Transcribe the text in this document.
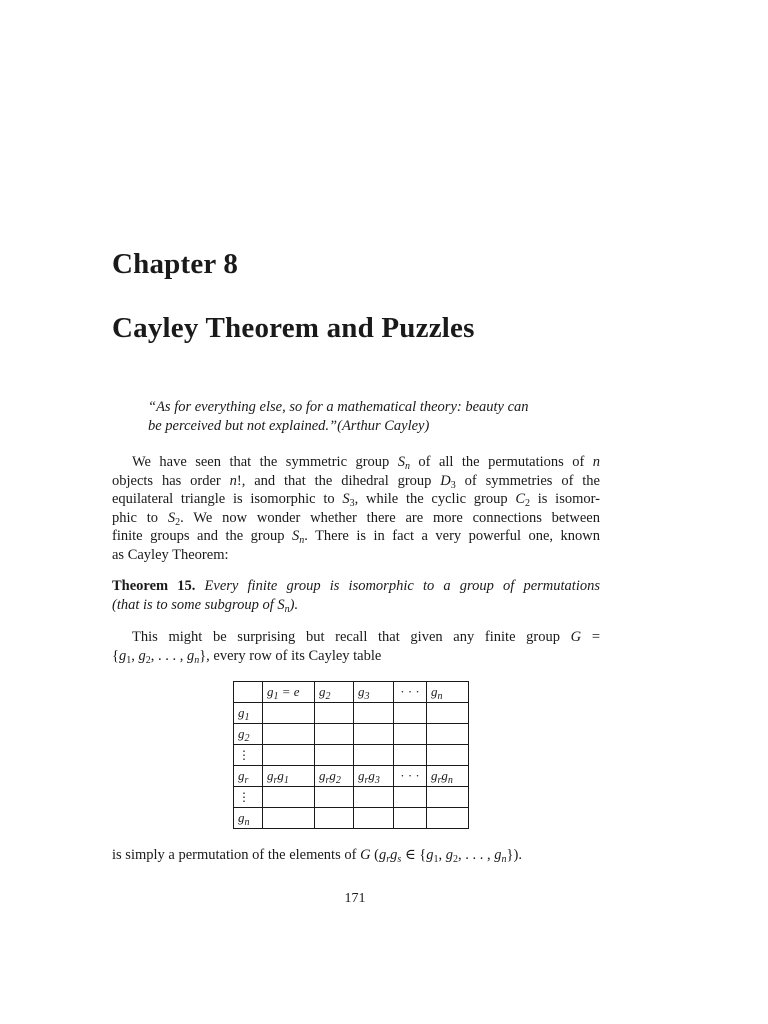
Chapter 8
Cayley Theorem and Puzzles
“As for everything else, so for a mathematical theory: beauty can
be perceived but not explained.”(Arthur Cayley)
We have seen that the symmetric group $S_n$ of all the permutations of n
objects has order n!, and that the dihedral group $D_3$ of symmetries of the
equilateral triangle is isomorphic to $S_3$, while the cyclic group $C_2$ is isomor-
phic to $S_2$. We now wonder whether there are more connections between
finite groups and the group $S_n$. There is in fact a very powerful one, known
as Cayley Theorem:
Theorem 15. Every finite group is isomorphic to a group of permutations
(that is to some subgroup of $S_n$).
This might be surprising but recall that given any finite group G =
{$g_1$, $g_2$, . . . , $g_n$}, every row of its Cayley table
	$g_1 = e$	$g_2$	$g_3$	· · ·	$g_n$
$g_1$					
$g_2$					
⋮					
$g_r$	$g_rg_1$	$g_rg_2$	$g_rg_3$	· · ·	$g_rg_n$
⋮					
$g_n$					
is simply a permutation of the elements of G ($g_rg_s$ ∈ {$g_1$, $g_2$, . . . , $g_n$}).
171
